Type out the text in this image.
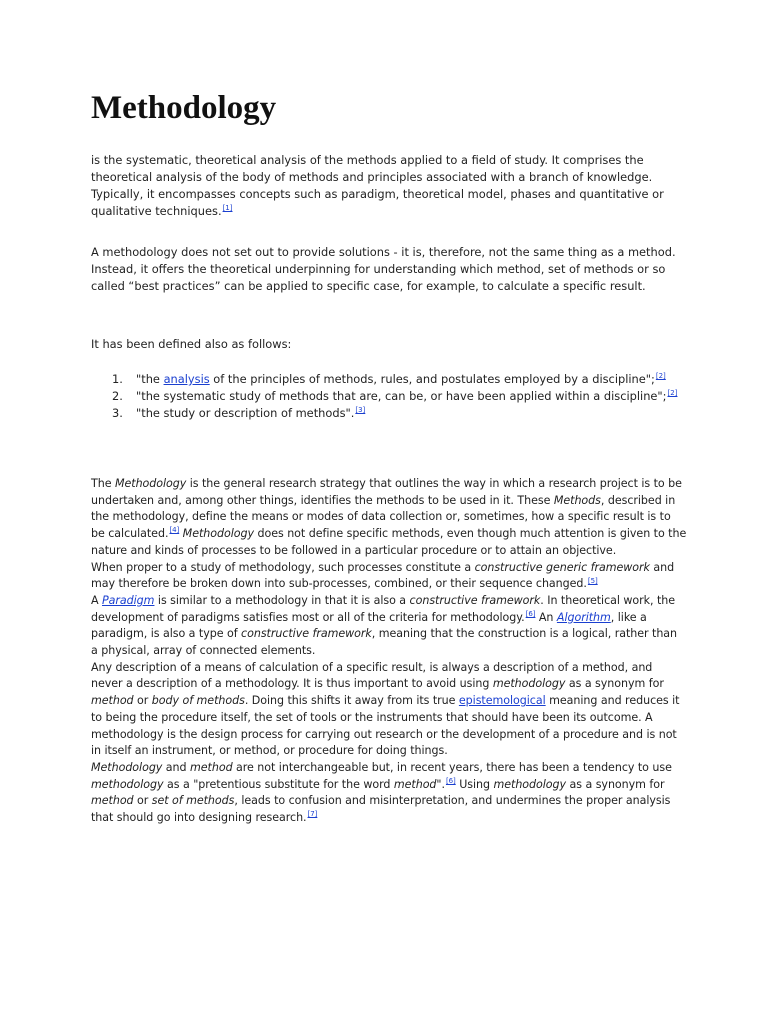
Methodology

is the systematic, theoretical analysis of the methods applied to a field of study. It comprises the theoretical analysis of the body of methods and principles associated with a branch of knowledge. Typically, it encompasses concepts such as paradigm, theoretical model, phases and quantitative or qualitative techniques.[1]

A methodology does not set out to provide solutions - it is, therefore, not the same thing as a method. Instead, it offers the theoretical underpinning for understanding which method, set of methods or so called “best practices” can be applied to specific case, for example, to calculate a specific result.

It has been defined also as follows:

1. "the analysis of the principles of methods, rules, and postulates employed by a discipline";[2]
2. "the systematic study of methods that are, can be, or have been applied within a discipline";[2]
3. "the study or description of methods".[3]

The Methodology is the general research strategy that outlines the way in which a research project is to be undertaken and, among other things, identifies the methods to be used in it. These Methods, described in the methodology, define the means or modes of data collection or, sometimes, how a specific result is to be calculated.[4] Methodology does not define specific methods, even though much attention is given to the nature and kinds of processes to be followed in a particular procedure or to attain an objective.

When proper to a study of methodology, such processes constitute a constructive generic framework and may therefore be broken down into sub-processes, combined, or their sequence changed.[5]

A Paradigm is similar to a methodology in that it is also a constructive framework. In theoretical work, the development of paradigms satisfies most or all of the criteria for methodology.[6] An Algorithm, like a paradigm, is also a type of constructive framework, meaning that the construction is a logical, rather than a physical, array of connected elements.

Any description of a means of calculation of a specific result, is always a description of a method, and never a description of a methodology. It is thus important to avoid using methodology as a synonym for method or body of methods. Doing this shifts it away from its true epistemological meaning and reduces it to being the procedure itself, the set of tools or the instruments that should have been its outcome. A methodology is the design process for carrying out research or the development of a procedure and is not in itself an instrument, or method, or procedure for doing things.

Methodology and method are not interchangeable but, in recent years, there has been a tendency to use methodology as a "pretentious substitute for the word method".[6] Using methodology as a synonym for method or set of methods, leads to confusion and misinterpretation, and undermines the proper analysis that should go into designing research.[7]
